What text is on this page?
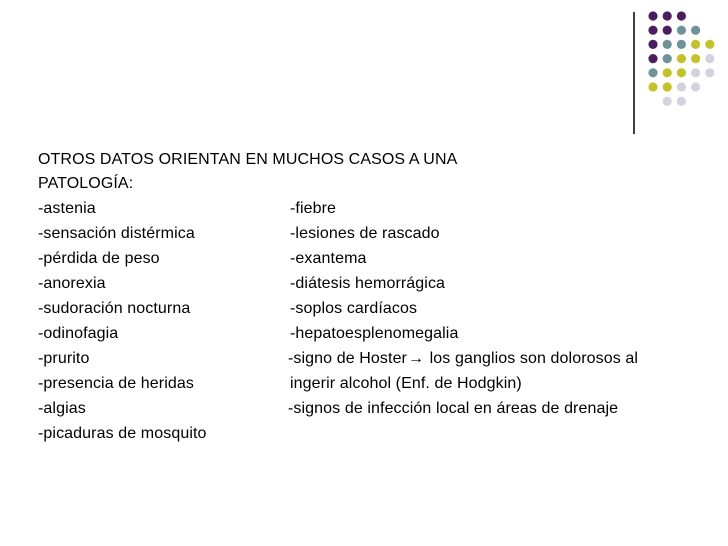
OTROS DATOS ORIENTAN EN MUCHOS CASOS A UNA
PATOLOGÍA:
-astenia
-sensación distérmica
-pérdida de peso
-anorexia
-sudoración nocturna
-odinofagia
-prurito
-presencia de heridas
-algias
-picaduras de mosquito
-fiebre
-lesiones de rascado
-exantema
-diátesis hemorrágica
-soplos cardíacos
-hepatoesplenomegalia
-signo de Hoster→ los ganglios son dolorosos al
ingerir alcohol (Enf. de Hodgkin)
-signos de infección local en áreas de drenaje
